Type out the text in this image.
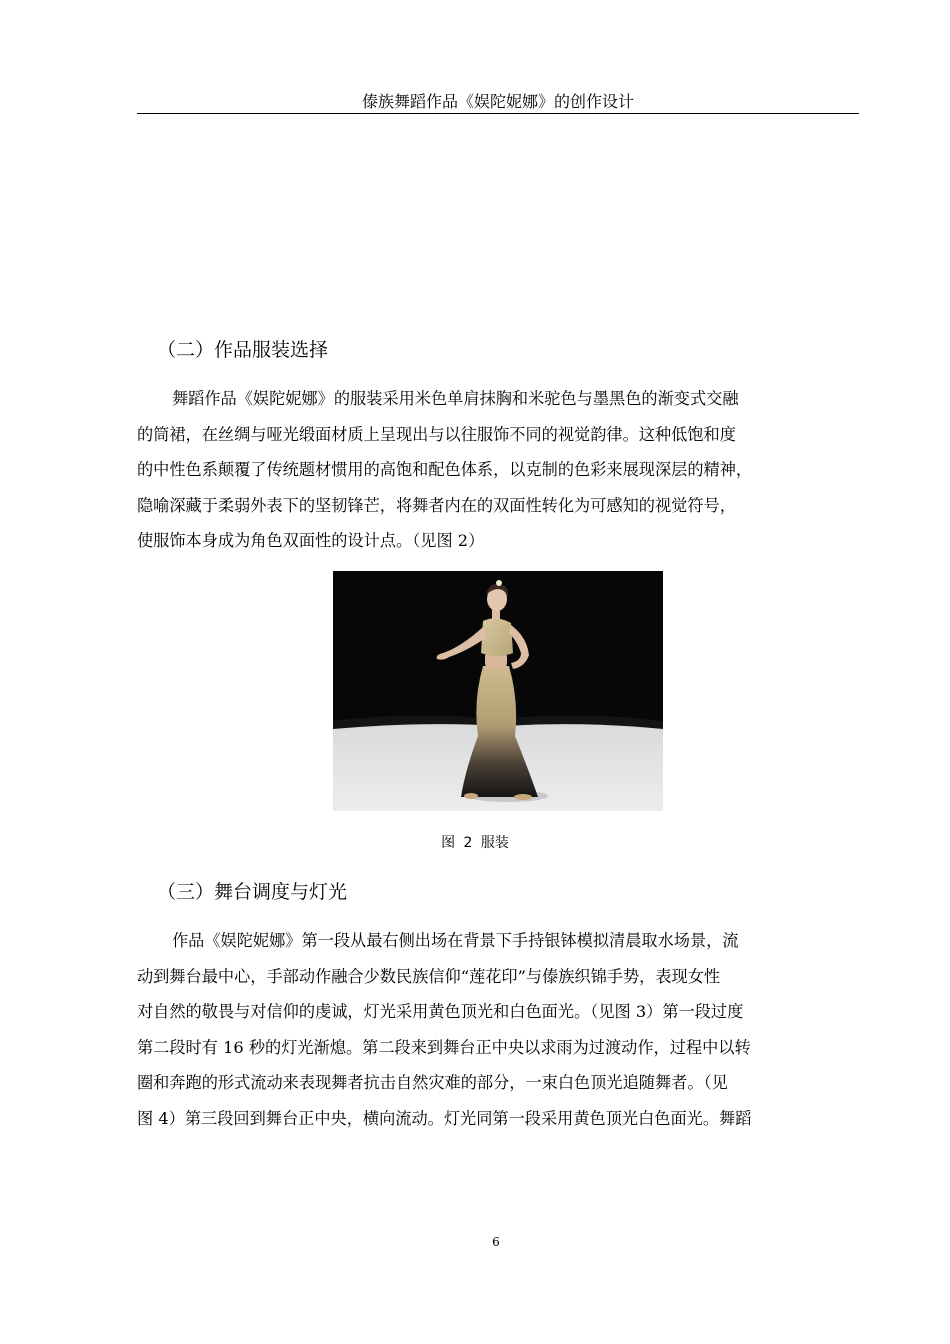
傣族舞蹈作品《娱陀妮娜》的创作设计
（二）作品服装选择
舞蹈作品《娱陀妮娜》的服装采用米色单肩抹胸和米驼色与墨黑色的渐变式交融
的筒裙，在丝绸与哑光缎面材质上呈现出与以往服饰不同的视觉韵律。这种低饱和度
的中性色系颠覆了传统题材惯用的高饱和配色体系，以克制的色彩来展现深层的精神，
隐喻深藏于柔弱外表下的坚韧锋芒，将舞者内在的双面性转化为可感知的视觉符号，
使服饰本身成为角色双面性的设计点。（见图 2）
图 2 服装
（三）舞台调度与灯光
作品《娱陀妮娜》第一段从最右侧出场在背景下手持银钵模拟清晨取水场景，流
动到舞台最中心，手部动作融合少数民族信仰“莲花印”与傣族织锦手势，表现女性
对自然的敬畏与对信仰的虔诚，灯光采用黄色顶光和白色面光。（见图 3）第一段过度
第二段时有 16 秒的灯光渐熄。第二段来到舞台正中央以求雨为过渡动作，过程中以转
圈和奔跑的形式流动来表现舞者抗击自然灾难的部分，一束白色顶光追随舞者。（见
图 4）第三段回到舞台正中央，横向流动。灯光同第一段采用黄色顶光白色面光。舞蹈
6
